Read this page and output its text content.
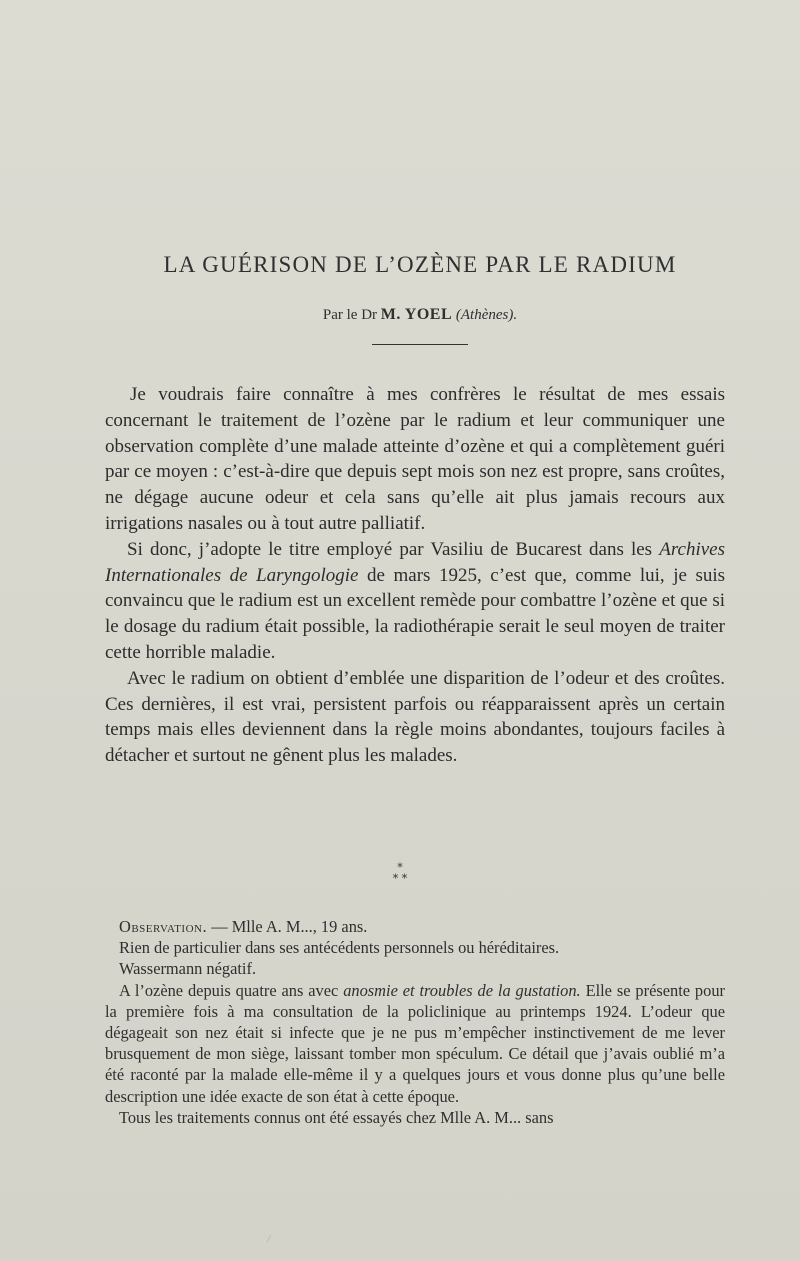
LA GUÉRISON DE L’OZÈNE PAR LE RADIUM
Par le Dr M. YOEL (Athènes).

Je voudrais faire connaître à mes confrères le résultat de mes essais concernant le traitement de l’ozène par le radium et leur communiquer une observation complète d’une malade atteinte d’ozène et qui a complètement guéri par ce moyen : c’est-à-dire que depuis sept mois son nez est propre, sans croûtes, ne dégage aucune odeur et cela sans qu’elle ait plus jamais recours aux irrigations nasales ou à tout autre palliatif.

Si donc, j’adopte le titre employé par Vasiliu de Bucarest dans les Archives Internationales de Laryngologie de mars 1925, c’est que, comme lui, je suis convaincu que le radium est un excellent remède pour combattre l’ozène et que si le dosage du radium était possible, la radiothérapie serait le seul moyen de traiter cette horrible maladie.

Avec le radium on obtient d’emblée une disparition de l’odeur et des croûtes. Ces dernières, il est vrai, persistent parfois ou réapparaissent après un certain temps mais elles deviennent dans la règle moins abondantes, toujours faciles à détacher et surtout ne gênent plus les malades.

*
* *

Observation. — Mlle A. M..., 19 ans.

Rien de particulier dans ses antécédents personnels ou héréditaires.

Wassermann négatif.

A l’ozène depuis quatre ans avec anosmie et troubles de la gustation. Elle se présente pour la première fois à ma consultation de la policlinique au printemps 1924. L’odeur que dégageait son nez était si infecte que je ne pus m’empêcher instinctivement de me lever brusquement de mon siège, laissant tomber mon spéculum. Ce détail que j’avais oublié m’a été raconté par la malade elle-même il y a quelques jours et vous donne plus qu’une belle description une idée exacte de son état à cette époque.

Tous les traitements connus ont été essayés chez Mlle A. M... sans
